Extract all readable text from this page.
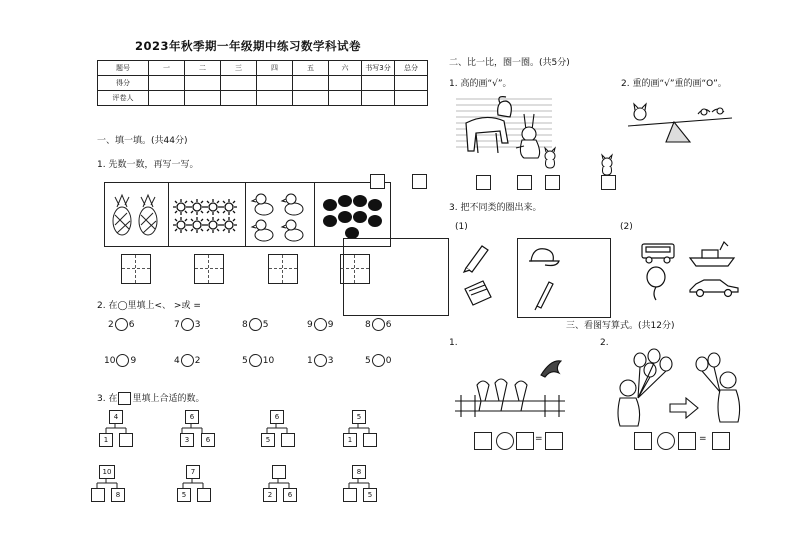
2023年秋季期一年级期中练习数学科试卷
题号	一	二	三	四	五	六	书写3分	总分
得分								
评卷人								
一、填一填。(共44分)
1. 先数一数，再写一写。
2. 在◯里填上<、 >或 =
2 6	7 3	8 5	9 9	8 6
10 9	4 2	5 10	1 3	5 0
3. 在 里填上合适的数。
4
1
6
3	6
6
5
5
1
10
8
7
5	2	6
8
5
二、比一比，圈一圈。(共5分)
1. 高的画“√”。	2. 重的画“√”重的画“O”。
3. 把不同类的圈出来。
(1)	(2)
三、看图写算式。(共12分)
1.	2.
=	=
